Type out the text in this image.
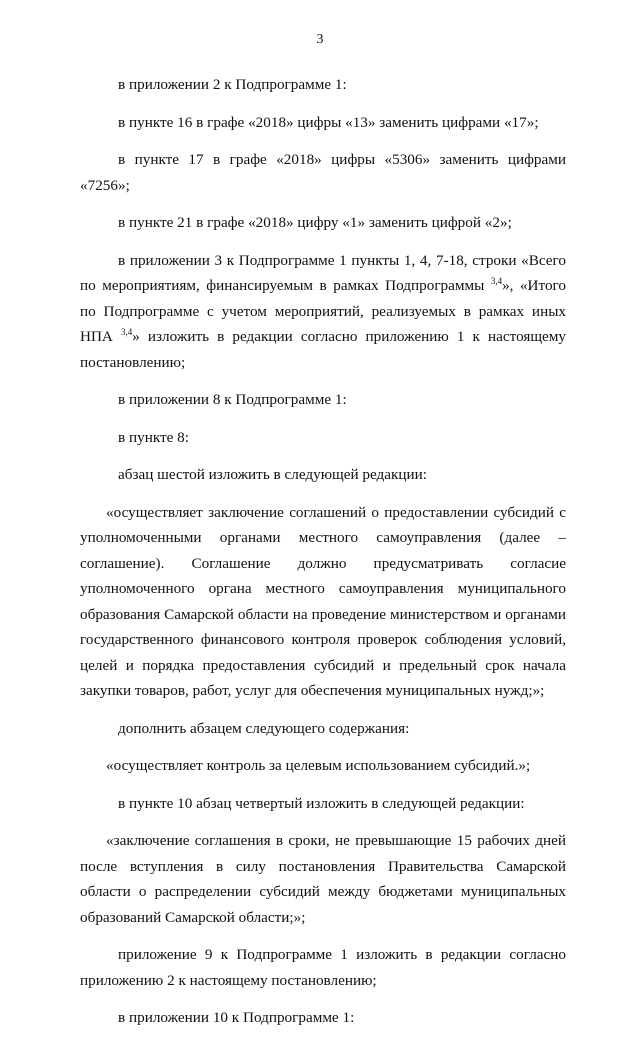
3

в приложении 2 к Подпрограмме 1:

в пункте 16 в графе «2018» цифры «13» заменить цифрами «17»;

в пункте 17 в графе «2018» цифры «5306» заменить цифрами «7256»;

в пункте 21 в графе «2018» цифру «1» заменить цифрой «2»;

в приложении 3 к Подпрограмме 1 пункты 1, 4, 7-18, строки «Всего по мероприятиям, финансируемым в рамках Подпрограммы $^{3,4}$», «Итого по Подпрограмме с учетом мероприятий, реализуемых в рамках иных НПА $^{3,4}$» изложить в редакции согласно приложению 1 к настоящему постановлению;

в приложении 8 к Подпрограмме 1:

в пункте 8:

абзац шестой изложить в следующей редакции:

«осуществляет заключение соглашений о предоставлении субсидий с уполномоченными органами местного самоуправления (далее – соглашение). Соглашение должно предусматривать согласие уполномоченного органа местного самоуправления муниципального образования Самарской области на проведение министерством и органами государственного финансового контроля проверок соблюдения условий, целей и порядка предоставления субсидий и предельный срок начала закупки товаров, работ, услуг для обеспечения муниципальных нужд;»;

дополнить абзацем следующего содержания:

«осуществляет контроль за целевым использованием субсидий.»;

в пункте 10 абзац четвертый изложить в следующей редакции:

«заключение соглашения в сроки, не превышающие 15 рабочих дней после вступления в силу постановления Правительства Самарской области о распределении субсидий между бюджетами муниципальных образований Самарской области;»;

приложение 9 к Подпрограмме 1 изложить в редакции согласно приложению 2 к настоящему постановлению;

в приложении 10 к Подпрограмме 1:
